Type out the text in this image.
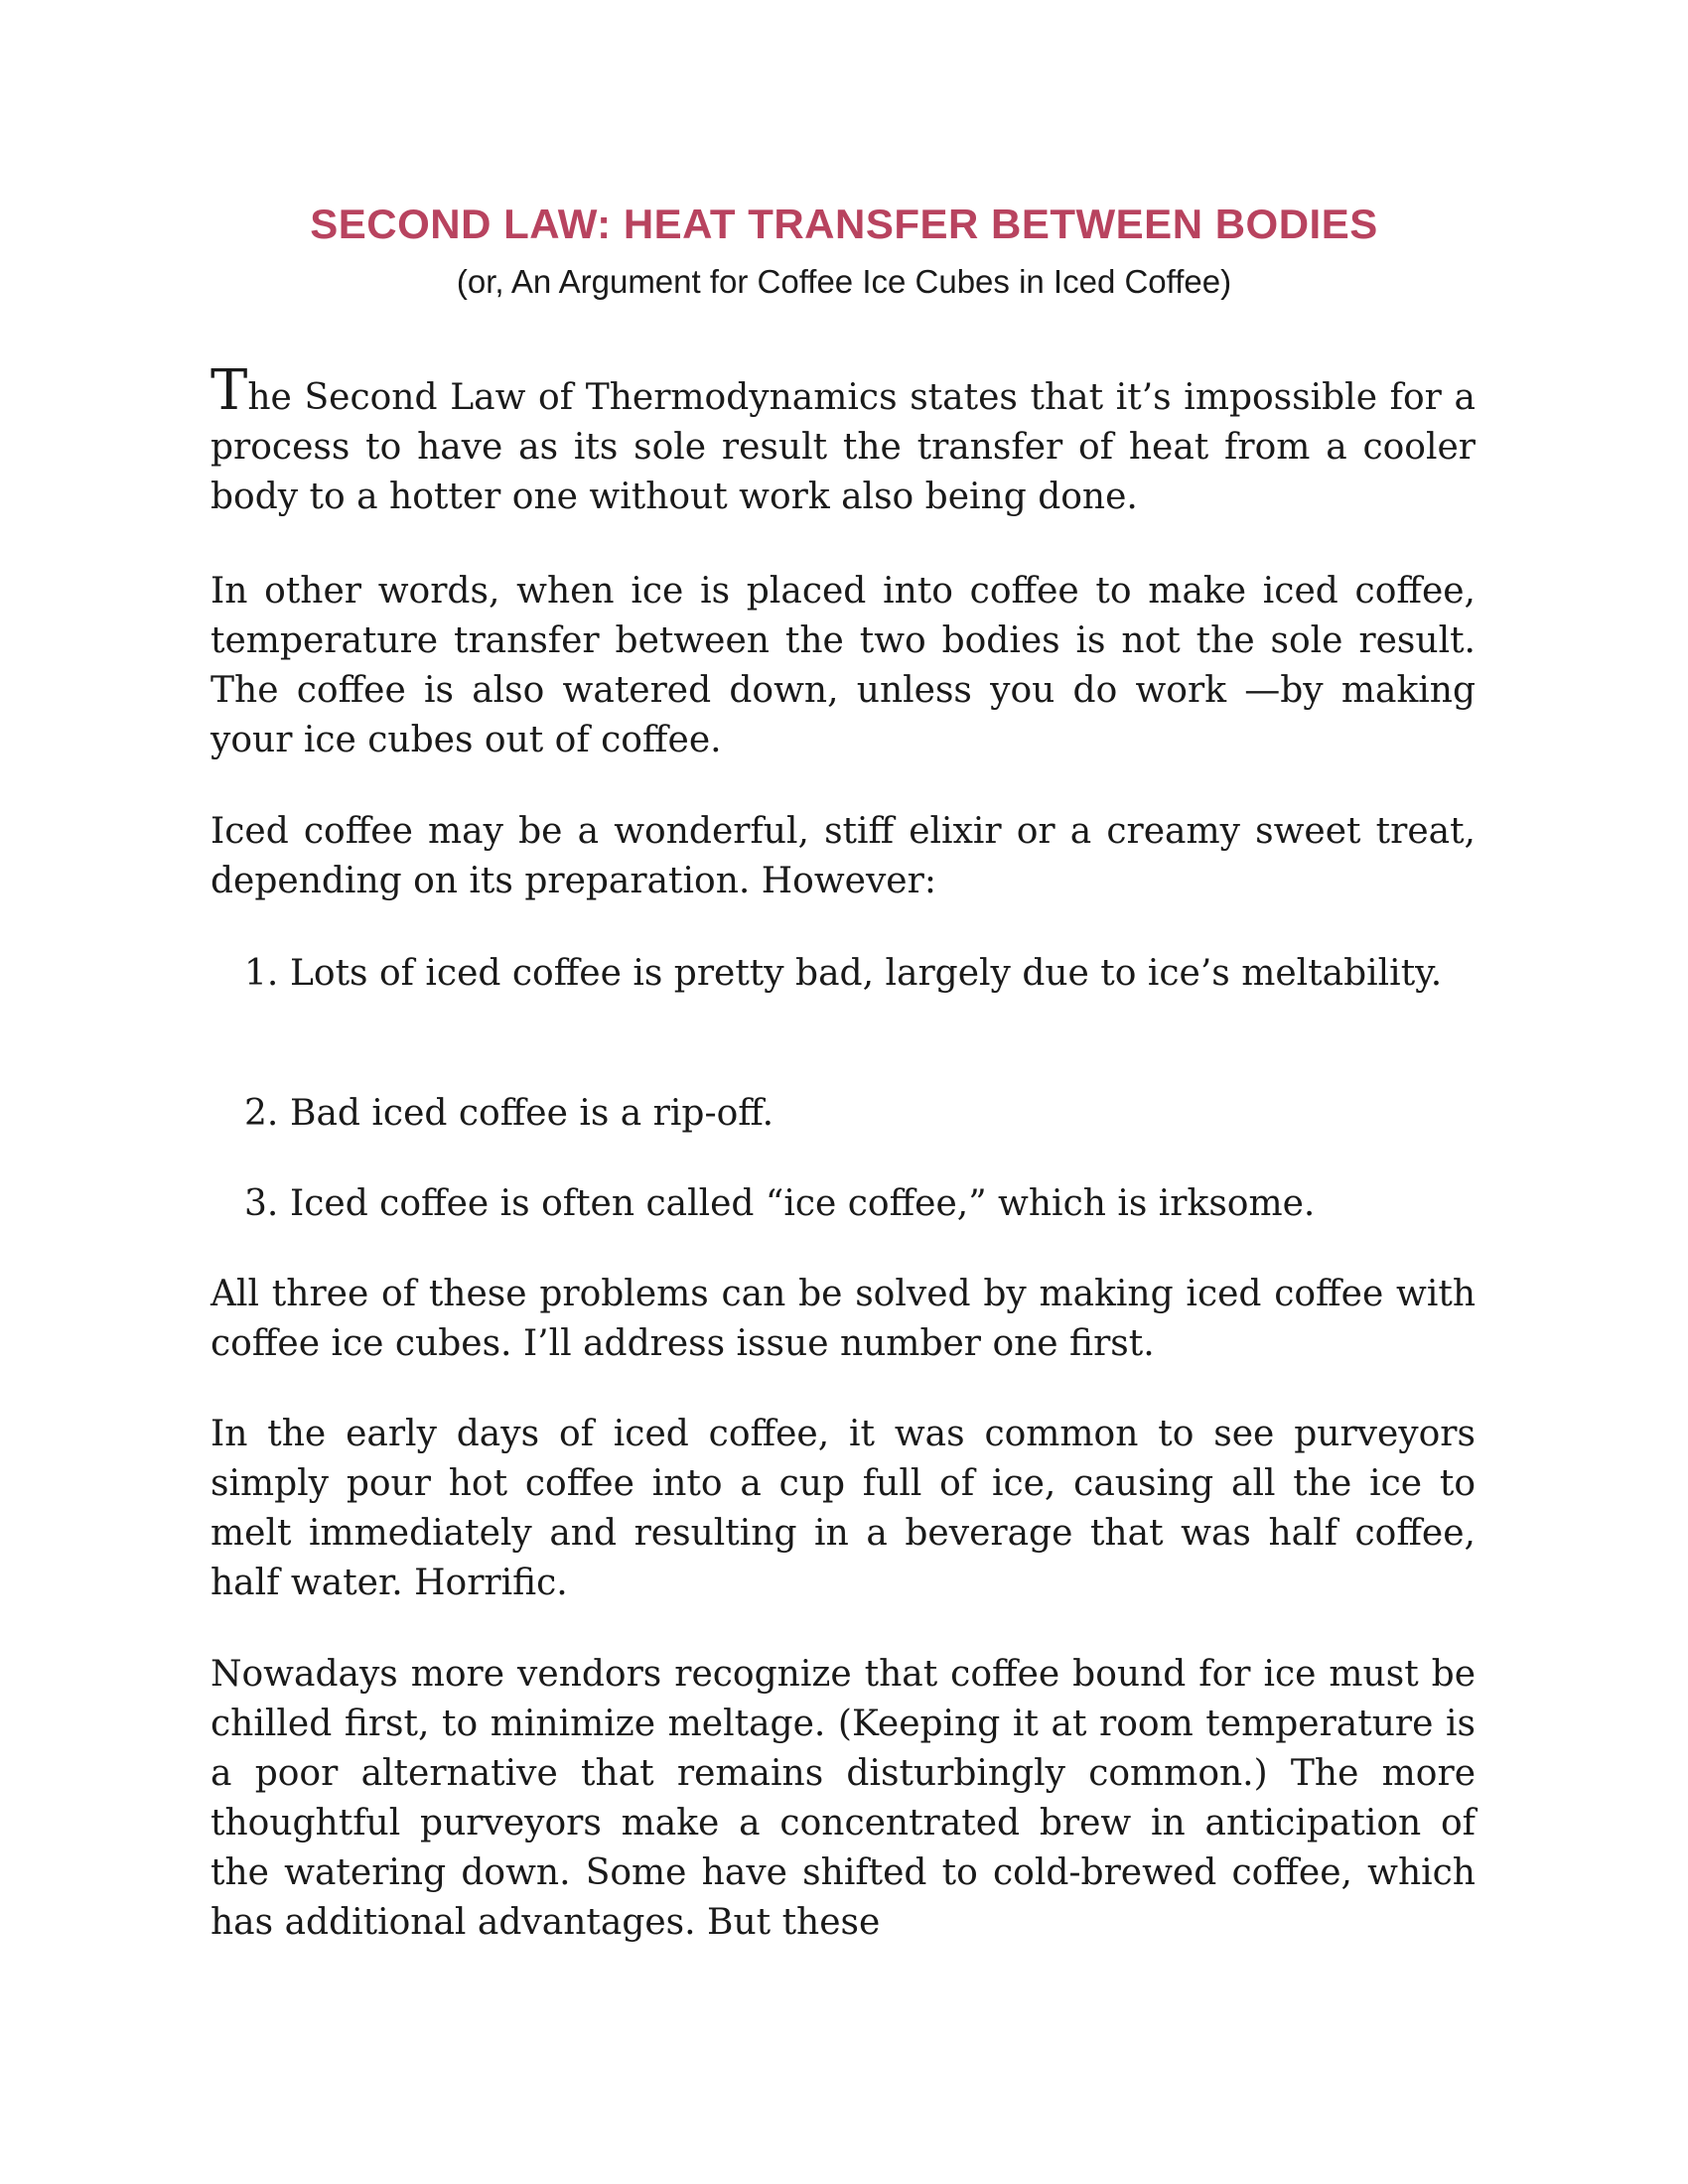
SECOND LAW: HEAT TRANSFER BETWEEN BODIES
(or, An Argument for Coffee Ice Cubes in Iced Coffee)

The Second Law of Thermodynamics states that it’s impossible for a process to have as its sole result the transfer of heat from a cooler body to a hotter one without work also being done.

In other words, when ice is placed into coffee to make iced coffee, temperature transfer between the two bodies is not the sole result. The coffee is also watered down, unless you do work —by making your ice cubes out of coffee.

Iced coffee may be a wonderful, stiff elixir or a creamy sweet treat, depending on its preparation. However:

1. Lots of iced coffee is pretty bad, largely due to ice’s meltability.

2. Bad iced coffee is a rip-off.

3. Iced coffee is often called “ice coffee,” which is irksome.

All three of these problems can be solved by making iced coffee with coffee ice cubes. I’ll address issue number one first.

In the early days of iced coffee, it was common to see purveyors simply pour hot coffee into a cup full of ice, causing all the ice to melt immediately and resulting in a beverage that was half coffee, half water. Horrific.

Nowadays more vendors recognize that coffee bound for ice must be chilled first, to minimize meltage. (Keeping it at room temperature is a poor alternative that remains disturbingly common.) The more thoughtful purveyors make a concentrated brew in anticipation of the watering down. Some have shifted to cold-brewed coffee, which has additional advantages. But these
